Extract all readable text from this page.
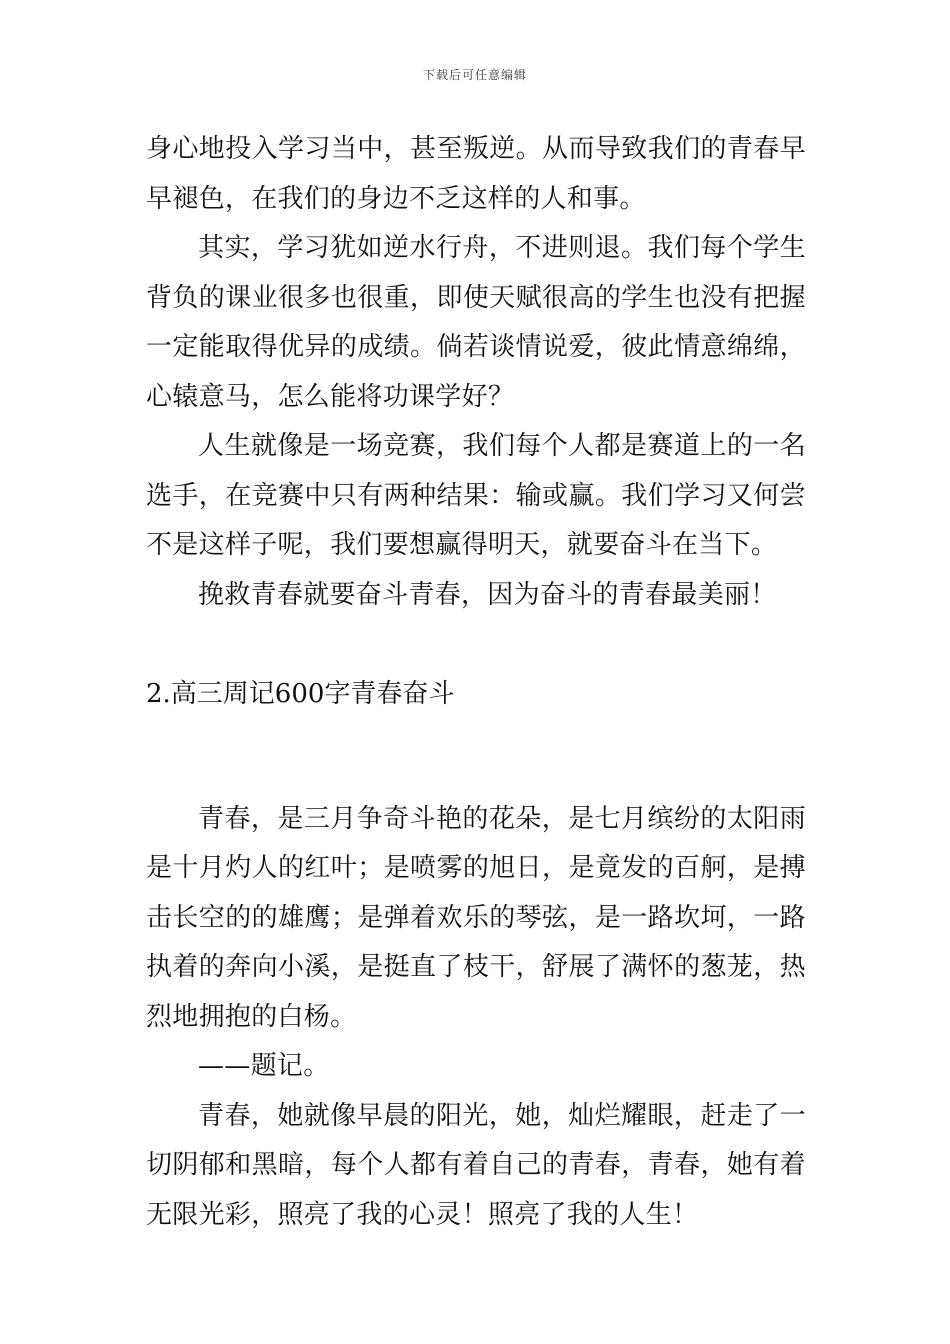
下载后可任意编辑

身心地投入学习当中，甚至叛逆。从而导致我们的青春早早褪色，在我们的身边不乏这样的人和事。

其实，学习犹如逆水行舟，不进则退。我们每个学生背负的课业很多也很重，即使天赋很高的学生也没有把握一定能取得优异的成绩。倘若谈情说爱，彼此情意绵绵，心辕意马，怎么能将功课学好？

人生就像是一场竞赛，我们每个人都是赛道上的一名选手，在竞赛中只有两种结果：输或赢。我们学习又何尝不是这样子呢，我们要想赢得明天，就要奋斗在当下。

挽救青春就要奋斗青春，因为奋斗的青春最美丽！

2.高三周记600字青春奋斗

青春，是三月争奇斗艳的花朵，是七月缤纷的太阳雨是十月灼人的红叶；是喷雾的旭日，是竟发的百舸，是搏击长空的的雄鹰；是弹着欢乐的琴弦，是一路坎坷，一路执着的奔向小溪，是挺直了枝干，舒展了满怀的葱茏，热烈地拥抱的白杨。

——题记。

青春，她就像早晨的阳光，她，灿烂耀眼，赶走了一切阴郁和黑暗，每个人都有着自己的青春，青春，她有着无限光彩，照亮了我的心灵！照亮了我的人生！
